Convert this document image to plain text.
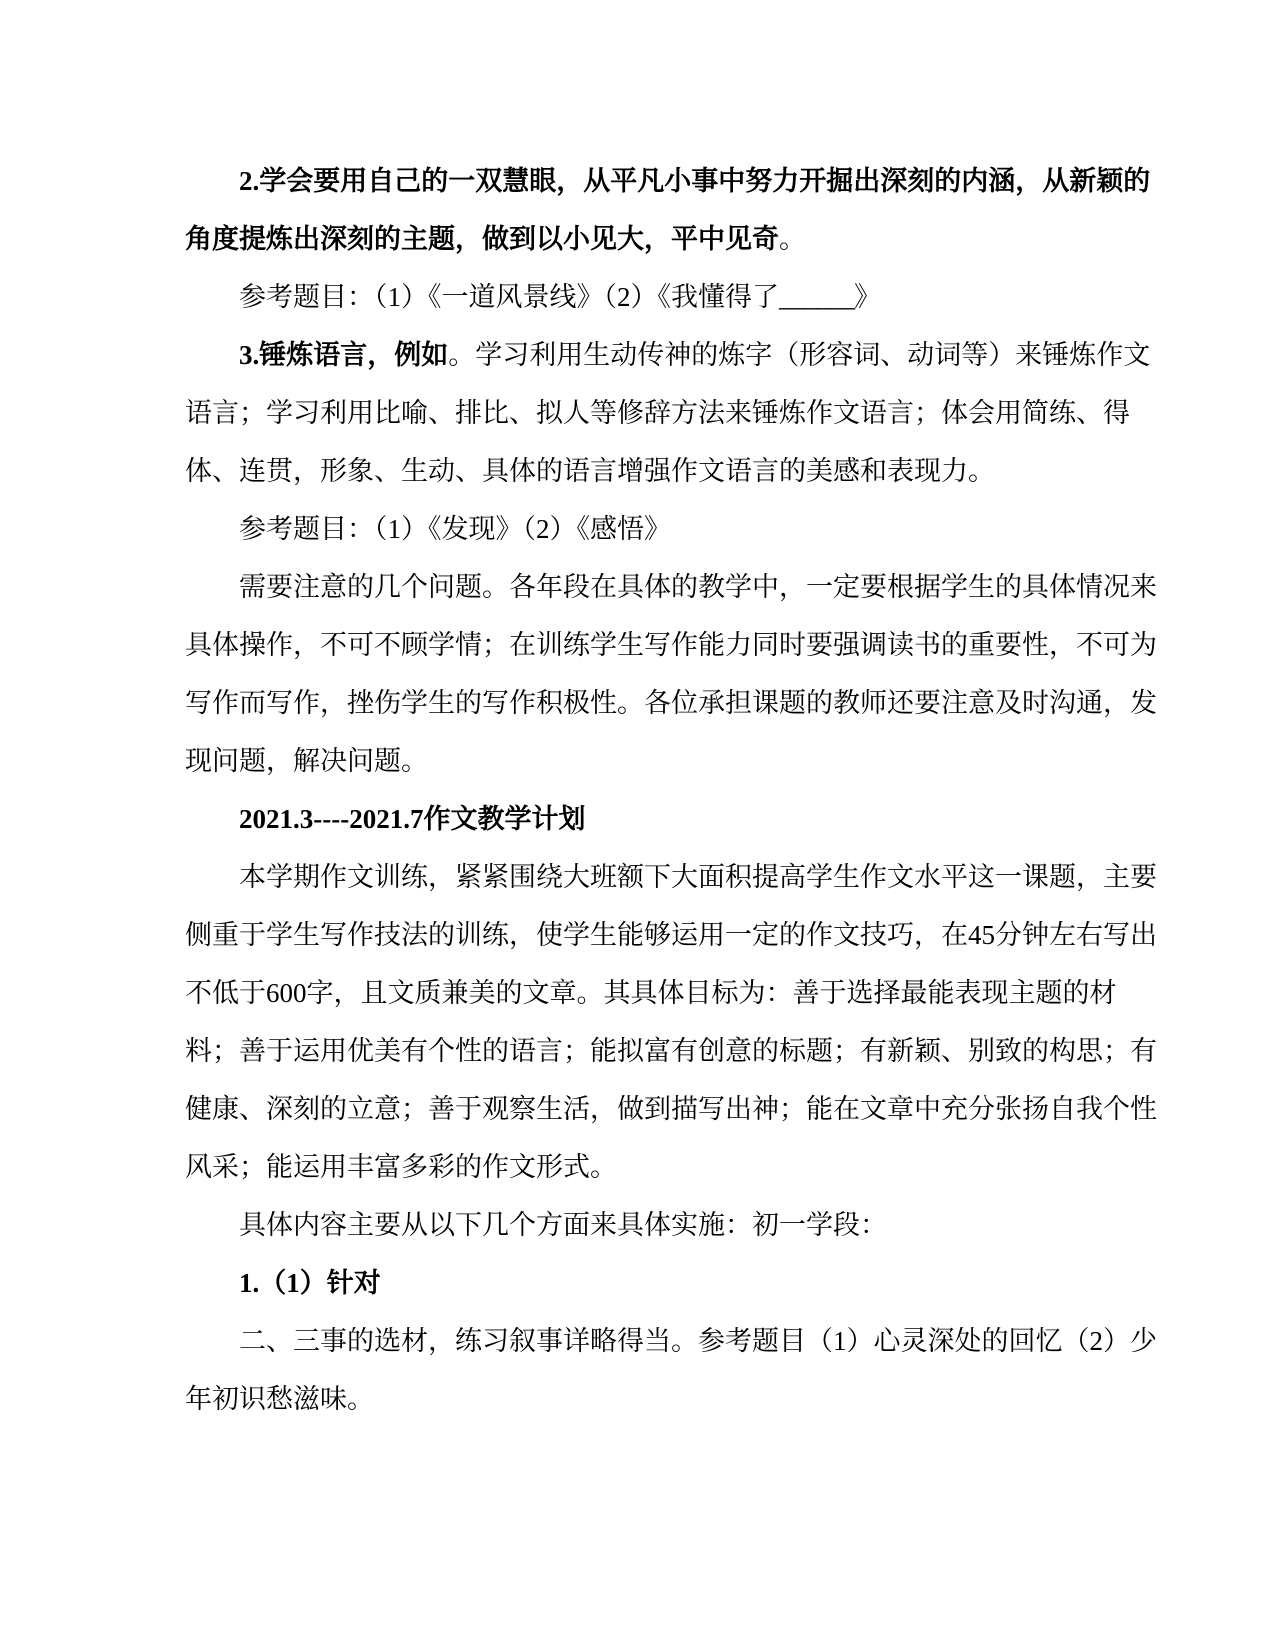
2.学会要用自己的一双慧眼，从平凡小事中努力开掘出深刻的内涵，从新颖的角度提炼出深刻的主题，做到以小见大，平中见奇。

参考题目：（1）《一道风景线》（2）《我懂得了______》

3.锤炼语言，例如。学习利用生动传神的炼字（形容词、动词等）来锤炼作文语言；学习利用比喻、排比、拟人等修辞方法来锤炼作文语言；体会用简练、得体、连贯，形象、生动、具体的语言增强作文语言的美感和表现力。

参考题目：（1）《发现》（2）《感悟》

需要注意的几个问题。各年段在具体的教学中，一定要根据学生的具体情况来具体操作，不可不顾学情；在训练学生写作能力同时要强调读书的重要性，不可为写作而写作，挫伤学生的写作积极性。各位承担课题的教师还要注意及时沟通，发现问题，解决问题。

2021.3----2021.7作文教学计划

本学期作文训练，紧紧围绕大班额下大面积提高学生作文水平这一课题，主要侧重于学生写作技法的训练，使学生能够运用一定的作文技巧，在45分钟左右写出不低于600字，且文质兼美的文章。其具体目标为：善于选择最能表现主题的材料；善于运用优美有个性的语言；能拟富有创意的标题；有新颖、别致的构思；有健康、深刻的立意；善于观察生活，做到描写出神；能在文章中充分张扬自我个性风采；能运用丰富多彩的作文形式。

具体内容主要从以下几个方面来具体实施：初一学段：

1.（1）针对

二、三事的选材，练习叙事详略得当。参考题目（1）心灵深处的回忆（2）少年初识愁滋味。
